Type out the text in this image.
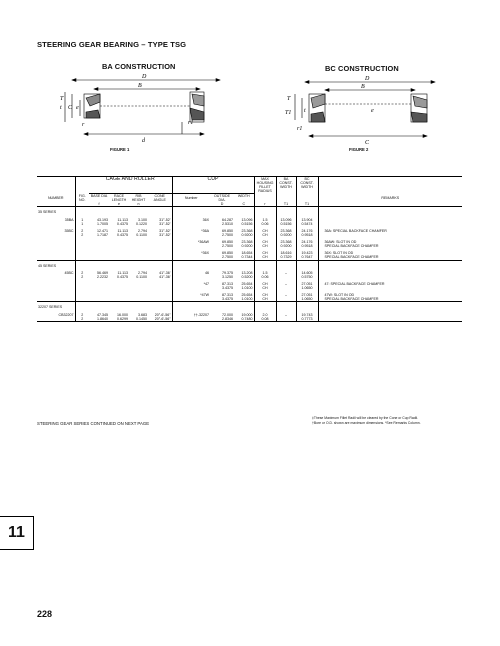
STEERING GEAR BEARING – TYPE TSG
BA CONSTRUCTION
D
B
T
t C e
r
d
r1
FIGURE 1
BC CONSTRUCTION
D
B
T
T1 t	e
r1
C
FIGURE 2
		CAGE AND ROLLER				CUP			MAX HOUSING FILLET RADIUS	BA CONST. WIDTH	BC CONST. WIDTH	
NUMBER	FIG. NO.	BASE DIA	RACE LENGTH	RIB HEIGHT	CONE ANGLE	Number	OUTSIDE DIA.	WIDTH				REMARKS
		f	e	n			D	C	r	T1	T1	
35 SERIES												
35BA	1	43.193	11.113	3.100	31°-52'	36X	64.287	13.096	1.5	13.096	13.904	
	1	1.7005	0.4375	0.1220	31°-52'		2.5310	0.5156	0.06	0.5156	0.5474	
35BC	2	12.471	11.113	2.794	31°-52'	*36A	69.850	23.368	CH	23.368	24.176	36A: SPECIAL BACKFACE CHAMFER
	2	1.7187	0.4375	0.1100	31°-52'		2.7500	0.9200	CH	0.9200	0.9518	
						*36AW	69.850	23.368	CH	23.368	24.176	36AW: SLOT IN OD
							2.7500	0.9200	CH	0.9200	0.9518	SPECIAL BACKFACE CHAMFER
						*36X	69.850	18.654	CH	18.616	19.423	36X: SLOT IN OD
							2.7500	0.7344	CH	0.7329	0.7647	SPECIAL BACKFACE CHAMFER
45 SERIES												
45BC	2	56.469	11.113	2.794	41°-36'	46	79.375	13.208	1.5	–	14.605	
	2	2.2232	0.4375	0.1100	41°-36'		3.1250	0.5200	0.06		0.5750	
						*47	87.313	25.654	CH	–	27.051	47: SPECIAL BACKFACE CHAMFER
							3.4375	1.0100	CH		1.0650	
						*47W	87.313	25.654	CH	–	27.051	47W: SLOT IN OD
							3.4375	1.0100	CH		1.0650	SPECIAL BACKFACE CHAMFER
32207 SERIES												
CB32207	2	47.345	16.000	3.683	20°-6'-56"	††-32207	72.000	19.000	2.0	–	19.743	
	2	1.8640	0.6299	0.1450	20°-6'-56"		2.8346	0.7480	0.08		0.7773	

STEERING GEAR SERIES CONTINUED ON NEXT PAGE
‡These Maximum Fillet Radii will be cleared by the Cone or Cup Radii.
†Bore or O.D. shown are maximum dimensions. *See Remarks Column.
11
228
